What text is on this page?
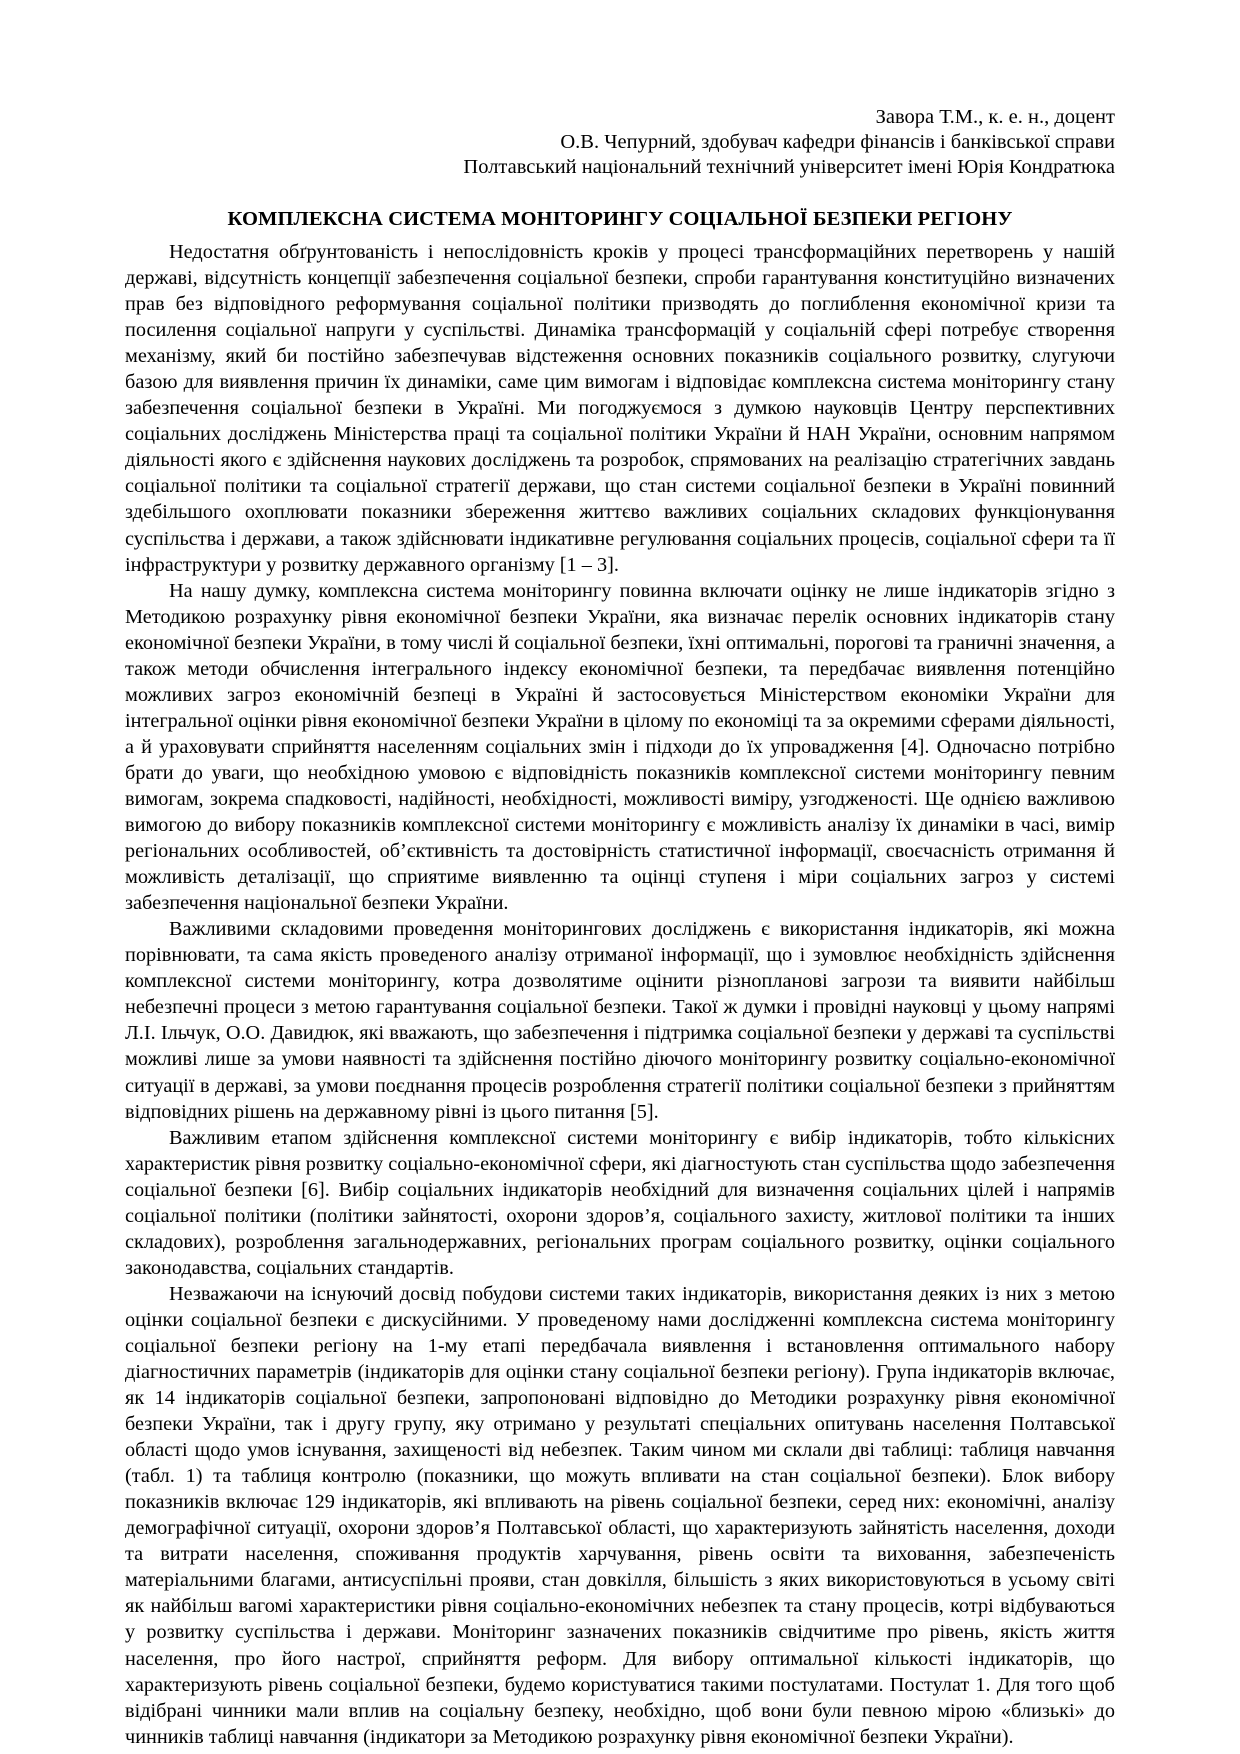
Завора Т.М., к. е. н., доцент
О.В. Чепурний, здобувач кафедри фінансів і банківської справи
Полтавський національний технічний університет імені Юрія Кондратюка
КОМПЛЕКСНА СИСТЕМА МОНІТОРИНГУ СОЦІАЛЬНОЇ БЕЗПЕКИ РЕГІОНУ

Недостатня обґрунтованість і непослідовність кроків у процесі трансформаційних перетворень у нашій державі, відсутність концепції забезпечення соціальної безпеки, спроби гарантування конституційно визначених прав без відповідного реформування соціальної політики призводять до поглиблення економічної кризи та посилення соціальної напруги у суспільстві. Динаміка трансформацій у соціальній сфері потребує створення механізму, який би постійно забезпечував відстеження основних показників соціального розвитку, слугуючи базою для виявлення причин їх динаміки, саме цим вимогам і відповідає комплексна система моніторингу стану забезпечення соціальної безпеки в Україні. Ми погоджуємося з думкою науковців Центру перспективних соціальних досліджень Міністерства праці та соціальної політики України й НАН України, основним напрямом діяльності якого є здійснення наукових досліджень та розробок, спрямованих на реалізацію стратегічних завдань соціальної політики та соціальної стратегії держави, що стан системи соціальної безпеки в Україні повинний здебільшого охоплювати показники збереження життєво важливих соціальних складових функціонування суспільства і держави, а також здійснювати індикативне регулювання соціальних процесів, соціальної сфери та її інфраструктури у розвитку державного організму [1 – 3].

На нашу думку, комплексна система моніторингу повинна включати оцінку не лише індикаторів згідно з Методикою розрахунку рівня економічної безпеки України, яка визначає перелік основних індикаторів стану економічної безпеки України, в тому числі й соціальної безпеки, їхні оптимальні, порогові та граничні значення, а також методи обчислення інтегрального індексу економічної безпеки, та передбачає виявлення потенційно можливих загроз економічній безпеці в Україні й застосовується Міністерством економіки України для інтегральної оцінки рівня економічної безпеки України в цілому по економіці та за окремими сферами діяльності, а й ураховувати сприйняття населенням соціальних змін і підходи до їх упровадження [4]. Одночасно потрібно брати до уваги, що необхідною умовою є відповідність показників комплексної системи моніторингу певним вимогам, зокрема спадковості, надійності, необхідності, можливості виміру, узгодженості. Ще однією важливою вимогою до вибору показників комплексної системи моніторингу є можливість аналізу їх динаміки в часі, вимір регіональних особливостей, об’єктивність та достовірність статистичної інформації, своєчасність отримання й можливість деталізації, що сприятиме виявленню та оцінці ступеня і міри соціальних загроз у системі забезпечення національної безпеки України.

Важливими складовими проведення моніторингових досліджень є використання індикаторів, які можна порівнювати, та сама якість проведеного аналізу отриманої інформації, що і зумовлює необхідність здійснення комплексної системи моніторингу, котра дозволятиме оцінити різнопланові загрози та виявити найбільш небезпечні процеси з метою гарантування соціальної безпеки. Такої ж думки і провідні науковці у цьому напрямі Л.І. Ільчук, О.О. Давидюк, які вважають, що забезпечення і підтримка соціальної безпеки у державі та суспільстві можливі лише за умови наявності та здійснення постійно діючого моніторингу розвитку соціально-економічної ситуації в державі, за умови поєднання процесів розроблення стратегії політики соціальної безпеки з прийняттям відповідних рішень на державному рівні із цього питання [5].

Важливим етапом здійснення комплексної системи моніторингу є вибір індикаторів, тобто кількісних характеристик рівня розвитку соціально-економічної сфери, які діагностують стан суспільства щодо забезпечення соціальної безпеки [6]. Вибір соціальних індикаторів необхідний для визначення соціальних цілей і напрямів соціальної політики (політики зайнятості, охорони здоров’я, соціального захисту, житлової політики та інших складових), розроблення загальнодержавних, регіональних програм соціального розвитку, оцінки соціального законодавства, соціальних стандартів.

Незважаючи на існуючий досвід побудови системи таких індикаторів, використання деяких із них з метою оцінки соціальної безпеки є дискусійними. У проведеному нами дослідженні комплексна система моніторингу соціальної безпеки регіону на 1-му етапі передбачала виявлення і встановлення оптимального набору діагностичних параметрів (індикаторів для оцінки стану соціальної безпеки регіону). Група індикаторів включає, як 14 індикаторів соціальної безпеки, запропоновані відповідно до Методики розрахунку рівня економічної безпеки України, так і другу групу, яку отримано у результаті спеціальних опитувань населення Полтавської області щодо умов існування, захищеності від небезпек. Таким чином ми склали дві таблиці: таблиця навчання (табл. 1) та таблиця контролю (показники, що можуть впливати на стан соціальної безпеки). Блок вибору показників включає 129 індикаторів, які впливають на рівень соціальної безпеки, серед них: економічні, аналізу демографічної ситуації, охорони здоров’я Полтавської області, що характеризують зайнятість населення, доходи та витрати населення, споживання продуктів харчування, рівень освіти та виховання, забезпеченість матеріальними благами, антисуспільні прояви, стан довкілля, більшість з яких використовуються в усьому світі як найбільш вагомі характеристики рівня соціально-економічних небезпек та стану процесів, котрі відбуваються у розвитку суспільства і держави. Моніторинг зазначених показників свідчитиме про рівень, якість життя населення, про його настрої, сприйняття реформ. Для вибору оптимальної кількості індикаторів, що характеризують рівень соціальної безпеки, будемо користуватися такими постулатами. Постулат 1. Для того щоб відібрані чинники мали вплив на соціальну безпеку, необхідно, щоб вони були певною мірою «близькі» до чинників таблиці навчання (індикатори за Методикою розрахунку рівня економічної безпеки України).
